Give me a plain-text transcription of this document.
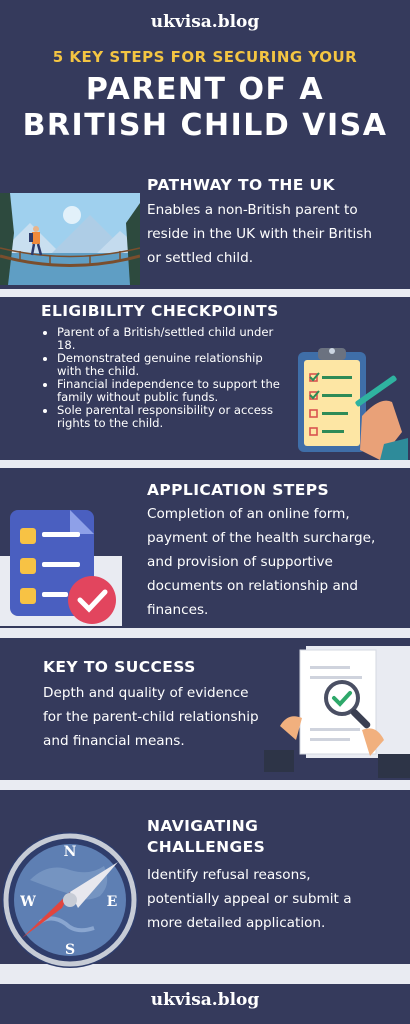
ukvisa.blog
5 KEY STEPS FOR SECURING YOUR
PARENT OF A
BRITISH CHILD VISA
PATHWAY TO THE UK
Enables a non-British parent to
reside in the UK with their British
or settled child.
ELIGIBILITY CHECKPOINTS
• Parent of a British/settled child under
18.
• Demonstrated genuine relationship
with the child.
• Financial independence to support the
family without public funds.
• Sole parental responsibility or access
rights to the child.
APPLICATION STEPS
Completion of an online form,
payment of the health surcharge,
and provision of supportive
documents on relationship and
finances.
KEY TO SUCCESS
Depth and quality of evidence
for the parent-child relationship
and financial means.
N
S
E
W
NAVIGATING
CHALLENGES
Identify refusal reasons,
potentially appeal or submit a
more detailed application.
ukvisa.blog
